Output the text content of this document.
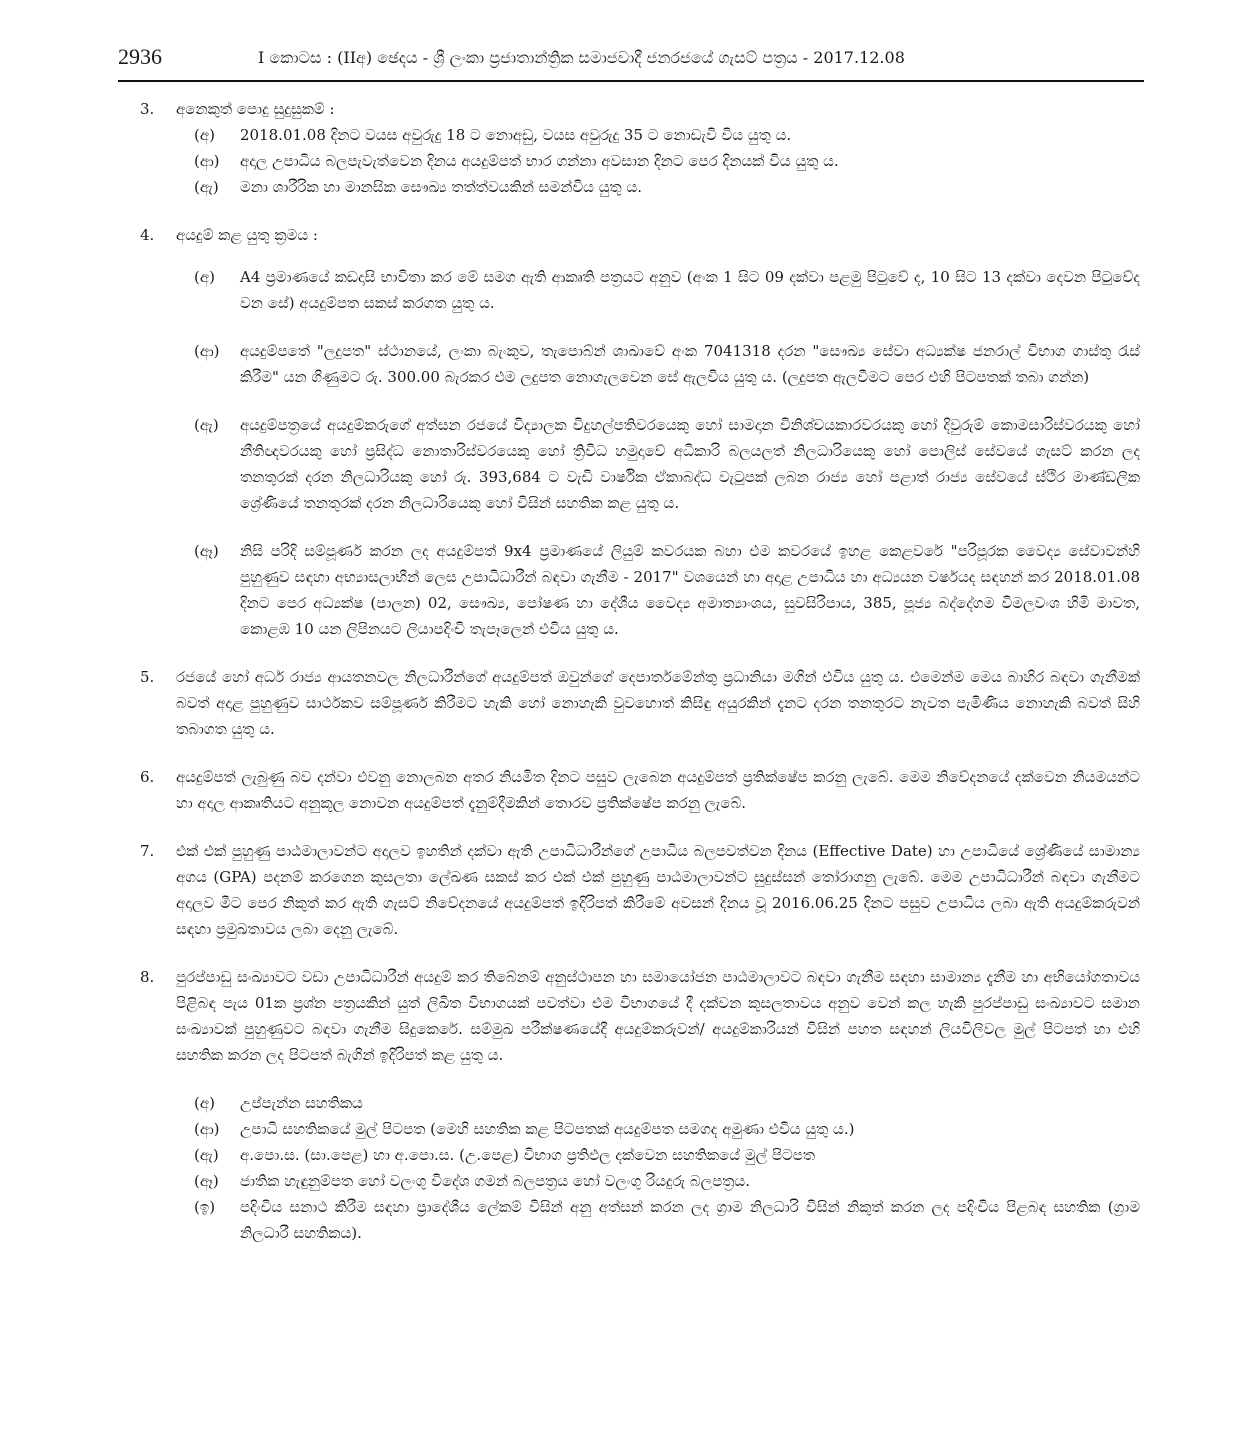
2936	I කොටස : (IIඅ) ඡෙදය - ශ්‍රී ලංකා ප්‍රජාතාන්ත්‍රික සමාජවාදී ජනරජයේ ගැසට් පත්‍රය - 2017.12.08
3. අනෙකුත් පොදු සුදුසුකම් :
(අ) 2018.01.08 දිනට වයස අවුරුදු 18 ට නොඅඩු, වයස අවුරුදු 35 ට නොඩැවි විය යුතු ය.
(ආ) අදාල උපාධිය බලපැවැත්වෙන දිනය අයදුම්පත් භාර ගන්නා අවසාන දිනට පෙර දිනයක් විය යුතු ය.
(ඇ) මනා ශාරීරික හා මානසික සෞඛ්‍ය තත්ත්වයකින් සමන්විය යුතු ය.
4. අයදුම් කළ යුතු ක්‍රමය :
(අ) A4 ප්‍රමාණයේ කඩදාසි භාවිතා කර මේ සමග ඇති ආකෘති පත්‍රයට අනුව (අංක 1 සිට 09 දක්වා පළමු පිටුවේ ද, 10 සිට 13 දක්වා දෙවන පිටුවේද වන සේ) අයදුම්පත සකස් කරගත යුතු ය.
(ආ) අයදුම්පතේ "ලදුපත" ස්ථානයේ, ලංකා බැංකුව, තැපොබ්න් ශාඛාවේ අංක 7041318 දරන "සෞඛ්‍ය සේවා අධ්‍යක්ෂ ජනරාල් විභාග ගාස්තු රැස් කිරීම" යන ගිණුමට රු. 300.00 බැරකර එම ලදුපත නොගැලවෙන සේ ඇලවිය යුතු ය. (ලදුපත ඇලවීමට පෙර එහි පිටපතක් තබා ගන්න)
(ඇ) අයදුම්පත්‍රයේ අයදුම්කරුගේ අත්සන රජයේ විද්‍යාලක විදුහල්පතිවරයෙකු හෝ සාමදාන විනිශ්චයකාරවරයකු හෝ දිවුරුම් කොමසාරිස්වරයකු හෝ නීතිඥවරයකු හෝ ප්‍රසිද්ධ නොතාරිස්වරයෙකු හෝ ත්‍රිවිධ හමුදාවේ අධිකාරි බලයලත් නිලධාරියෙකු හෝ පොලිස් සේවයේ ගැසට් කරන ලද තනතුරක් දරන නිලධාරියකු හෝ රු. 393,684 ට වැඩි වාර්ෂික ඒකාබද්ධ වැටුපක් ලබන රාජ්‍ය හෝ පළාත් රාජ්‍ය සේවයේ ස්ථිර මාණ්ඩලික ශ්‍රේණියේ තනතුරක් දරන නිලධාරියෙකු හෝ විසින් සහතික කළ යුතු ය.
(ඈ) නිසි පරිදි සම්පූර්ණ කරන ලද අයදුම්පත් 9x4 ප්‍රමාණයේ ලියුම් කවරයක බහා එම කවරයේ ඉහළ කෙළවරේ "පරිපූරක වෛද්‍ය සේවාවන්හි පුහුණුව සඳහා අභ්‍යාසලාභීන් ලෙස උපාධිධාරීන් බඳවා ගැනීම - 2017" වශයෙන් හා අදාළ උපාධිය හා අධ්‍යයන වර්ෂයද සඳහන් කර 2018.01.08 දිනට පෙර අධ්‍යක්ෂ (පාලන) 02, සෞඛ්‍ය, පෝෂණ හා දේශීය වෛද්‍ය අමාත්‍යාංශය, සුවසිරිපාය, 385, පූජ්‍ය බද්දේගම විමලවංශ හිමි මාවත, කොළඹ 10 යන ලිපිනයට ලියාපදිංචි තැපෑලෙන් එවිය යුතු ය.
5. රජයේ හෝ අර්ධ රාජ්‍ය ආයතනවල නිලධාරීන්ගේ අයදුම්පත් ඔවුන්ගේ දෙපාර්තමේන්තු ප්‍රධානියා මගින් එවිය යුතු ය. එමෙන්ම මෙය බාහිර බඳවා ගැනීමක් බවත් අදාළ පුහුණුව සාර්ථකව සම්පූර්ණ කිරීමට හැකි හෝ නොහැකි වුවහොත් කිසිඳු අයුරකින් දැනට දරන තනතුරට නැවත පැමිණිය නොහැකි බවත් සිහි තබාගත යුතු ය.
6. අයදුම්පත් ලැබුණු බව දන්වා එවනු නොලබන අතර නියමිත දිනට පසුව ලැබෙන අයදුම්පත් ප්‍රතික්ෂේප කරනු ලැබේ. මෙම නිවේදනයේ දක්වෙන නියමයන්ට හා අදාල ආකෘතියට අනුකූල නොවන අයදුම්පත් දැනුම්දීමකින් තොරව ප්‍රතික්ෂේප කරනු ලැබේ.
7. එක් එක් පුහුණු පාඨමාලාවන්ට අදාලව ඉහතින් දක්වා ඇති උපාධිධාරීන්ගේ උපාධිය බලපවත්වන දිනය (Effective Date) හා උපාධියේ ශ්‍රේණියේ සාමාන්‍ය අගය (GPA) පදනම් කරගෙන කුසලතා ලේඛණ සකස් කර එක් එක් පුහුණු පාඨමාලාවන්ට සුදුස්සන් තෝරාගනු ලැබේ. මෙම උපාධිධාරීන් බඳවා ගැනීමට අදාලව මීට පෙර නිකුත් කර ඇති ගැසට් නිවේදනයේ අයදුම්පත් ඉදිරිපත් කිරීමේ අවසන් දිනය වූ 2016.06.25 දිනට පසුව උපාධිය ලබා ඇති අයදුම්කරුවන් සඳහා ප්‍රමුඛතාවය ලබා දෙනු ලැබේ.
8. පුරප්පාඩු සංඛ්‍යාවට වඩා උපාධිධාරීන් අයදුම් කර තිබේනම් අනුස්ථාපන හා සමායෝජන පාඨමාලාවට බඳවා ගැනීම සඳහා සාමාන්‍ය දැනීම හා අභියෝගතාවය පිළිබඳ පැය 01ක ප්‍රශ්න පත්‍රයකින් යුත් ලිඛිත විභාගයක් පවත්වා එම විභාගයේ දී දක්වන කුසලතාවය අනුව වෙන් කල හැකි පුරප්පාඩු සංඛ්‍යාවට සමාන සංඛ්‍යාවක් පුහුණුවට බඳවා ගැනීම සිදුකෙරේ. සම්මුඛ පරීක්ෂණයේදී අයදුම්කරුවන්/ අයදුම්කාරියන් විසින් පහත සඳහන් ලියවිලිවල මුල් පිටපත් හා එහි සහතික කරන ලද පිටපත් බැගින් ඉදිරිපත් කළ යුතු ය.
(අ) උප්පැන්න සහතිකය
(ආ) උපාධි සහතිකයේ මුල් පිටපත (මෙහි සහතික කළ පිටපතක් අයදුම්පත සමගද අමුණා එවිය යුතු ය.)
(ඇ) අ.පො.ස. (සා.පෙළ) හා අ.පො.ස. (උ.පෙළ) විභාග ප්‍රතිඵල දක්වෙන සහතිකයේ මුල් පිටපත
(ඈ) ජාතික හැඳුනුම්පත හෝ වලංගු විදේශ ගමන් බලපත්‍රය හෝ වලංගු රියදුරු බලපත්‍රය.
(ඉ) පදිංචිය සනාථ කිරීම සඳහා ප්‍රාදේශීය ලේකම් විසින් අනු අත්සන් කරන ලද ග්‍රාම නිලධාරි විසින් නිකුත් කරන ලද පදිංචිය පිළබඳ සහතික (ග්‍රාම නිලධාරී සහතිකය).
